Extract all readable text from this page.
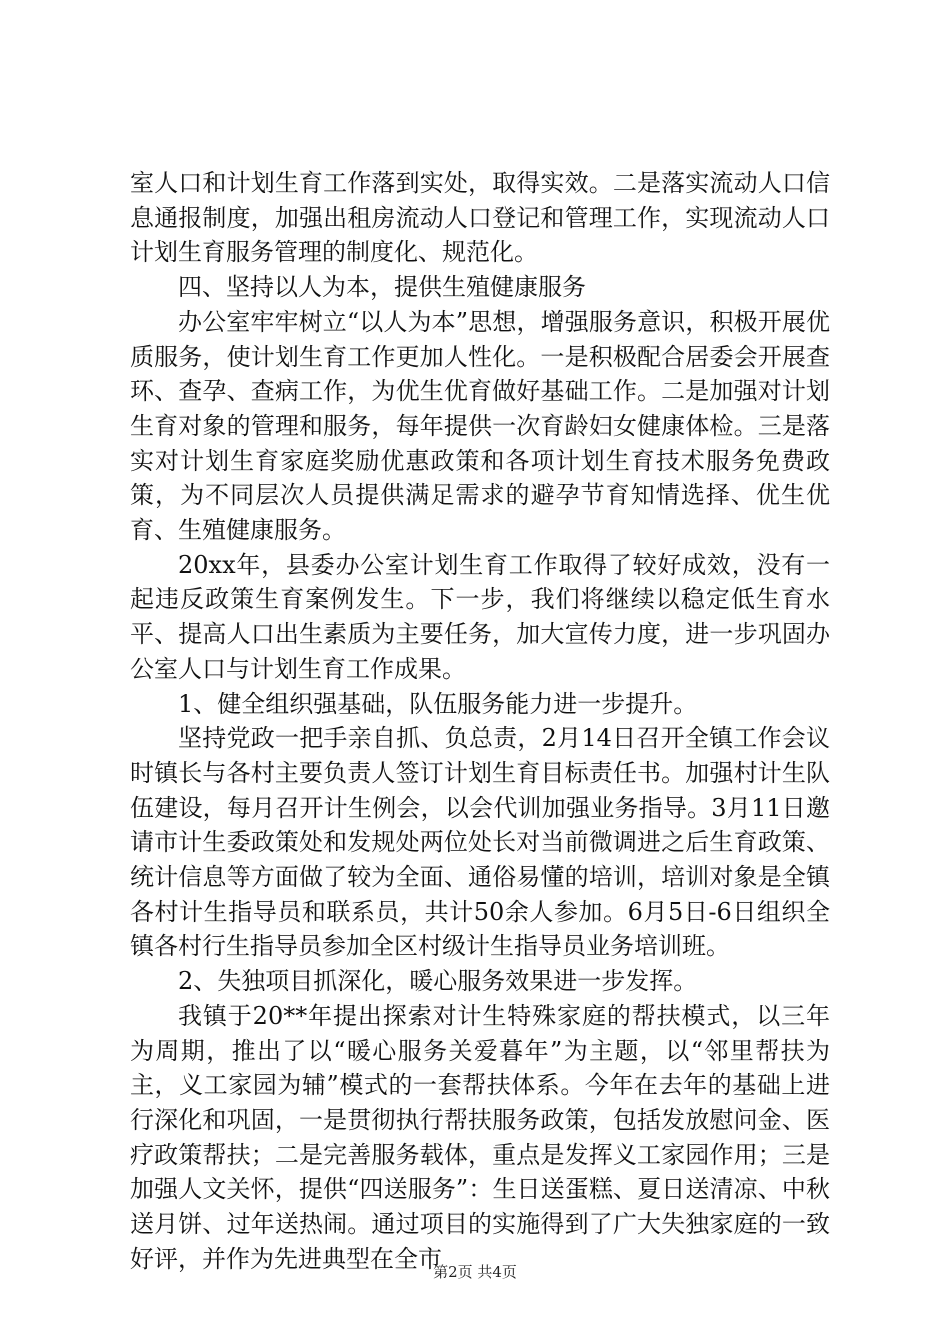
室人口和计划生育工作落到实处，取得实效。二是落实流动人口信息通报制度，加强出租房流动人口登记和管理工作，实现流动人口计划生育服务管理的制度化、规范化。

四、坚持以人为本，提供生殖健康服务

办公室牢牢树立“以人为本”思想，增强服务意识，积极开展优质服务，使计划生育工作更加人性化。一是积极配合居委会开展查环、查孕、查病工作，为优生优育做好基础工作。二是加强对计划生育对象的管理和服务，每年提供一次育龄妇女健康体检。三是落实对计划生育家庭奖励优惠政策和各项计划生育技术服务免费政策，为不同层次人员提供满足需求的避孕节育知情选择、优生优育、生殖健康服务。

20xx年，县委办公室计划生育工作取得了较好成效，没有一起违反政策生育案例发生。下一步，我们将继续以稳定低生育水平、提高人口出生素质为主要任务，加大宣传力度，进一步巩固办公室人口与计划生育工作成果。

1、健全组织强基础，队伍服务能力进一步提升。

坚持党政一把手亲自抓、负总责，2月14日召开全镇工作会议时镇长与各村主要负责人签订计划生育目标责任书。加强村计生队伍建设，每月召开计生例会，以会代训加强业务指导。3月11日邀请市计生委政策处和发规处两位处长对当前微调进之后生育政策、统计信息等方面做了较为全面、通俗易懂的培训，培训对象是全镇各村计生指导员和联系员，共计50余人参加。6月5日-6日组织全镇各村行生指导员参加全区村级计生指导员业务培训班。

2、失独项目抓深化，暖心服务效果进一步发挥。

我镇于20**年提出探索对计生特殊家庭的帮扶模式，以三年为周期，推出了以“暖心服务关爱暮年”为主题，以“邻里帮扶为主，义工家园为辅”模式的一套帮扶体系。今年在去年的基础上进行深化和巩固，一是贯彻执行帮扶服务政策，包括发放慰问金、医疗政策帮扶；二是完善服务载体，重点是发挥义工家园作用；三是加强人文关怀，提供“四送服务”：生日送蛋糕、夏日送清凉、中秋送月饼、过年送热闹。通过项目的实施得到了广大失独家庭的一致好评，并作为先进典型在全市

第2页 共4页
